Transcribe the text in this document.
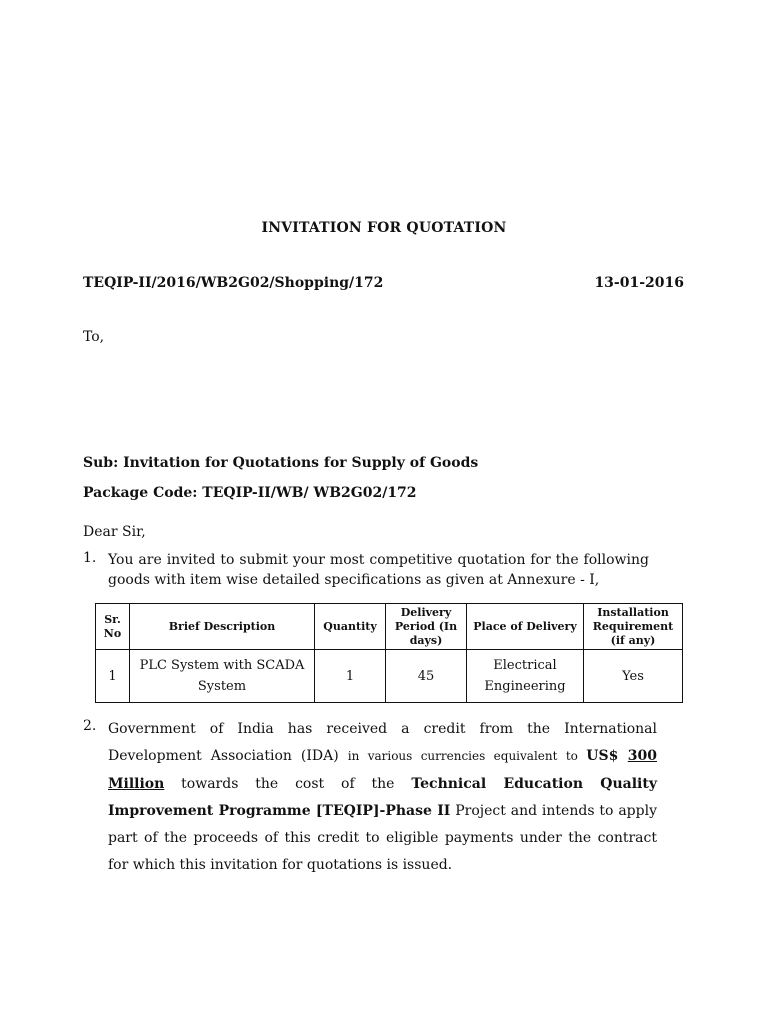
INVITATION FOR QUOTATION
TEQIP-II/2016/WB2G02/Shopping/172	13-01-2016
To,
Sub: Invitation for Quotations for Supply of Goods
Package Code: TEQIP-II/WB/ WB2G02/172
Dear Sir,
1. You are invited to submit your most competitive quotation for the following goods with item wise detailed specifications as given at Annexure - I,
Sr. No	Brief Description	Quantity	Delivery Period (In days)	Place of Delivery	Installation Requirement (if any)
1	PLC System with SCADA System	1	45	Electrical Engineering	Yes
2. Government of India has received a credit from the International Development Association (IDA) in various currencies equivalent to US$ 300 Million towards the cost of the Technical Education Quality Improvement Programme [TEQIP]-Phase II Project and intends to apply part of the proceeds of this credit to eligible payments under the contract for which this invitation for quotations is issued.
